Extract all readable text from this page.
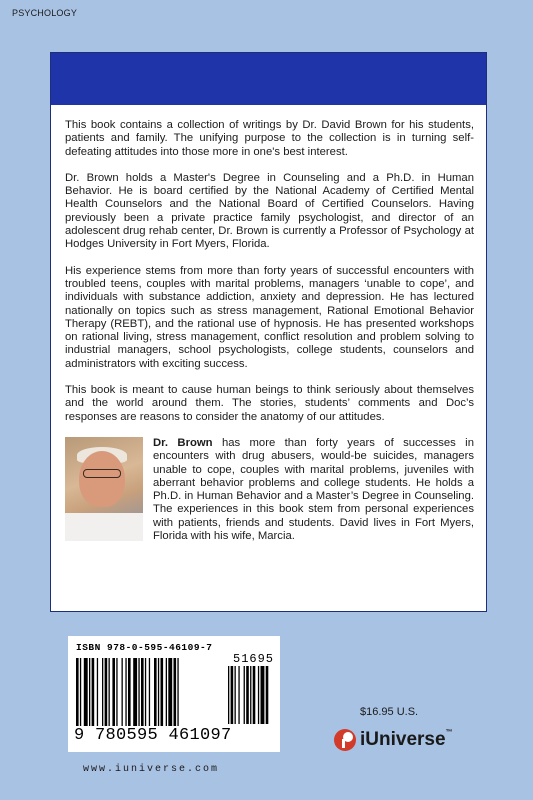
PSYCHOLOGY

This book contains a collection of writings by Dr. David Brown for his students, patients and family. The unifying purpose to the collection is in turning self-defeating attitudes into those more in one's best interest.

Dr. Brown holds a Master's Degree in Counseling and a Ph.D. in Human Behavior. He is board certified by the National Academy of Certified Mental Health Counselors and the National Board of Certified Counselors. Having previously been a private practice family psychologist, and director of an adolescent drug rehab center, Dr. Brown is currently a Professor of Psychology at Hodges University in Fort Myers, Florida.

His experience stems from more than forty years of successful encounters with troubled teens, couples with marital problems, managers ‘unable to cope’, and individuals with substance addiction, anxiety and depression. He has lectured nationally on topics such as stress management, Rational Emotional Behavior Therapy (REBT), and the rational use of hypnosis. He has presented workshops on rational living, stress management, conflict resolution and problem solving to industrial managers, school psychologists, college students, counselors and administrators with exciting success.

This book is meant to cause human beings to think seriously about themselves and the world around them. The stories, students’ comments and Doc’s responses are reasons to consider the anatomy of our attitudes.

Dr. Brown has more than forty years of successes in encounters with drug abusers, would-be suicides, managers unable to cope, couples with marital problems, juveniles with aberrant behavior problems and college students. He holds a Ph.D. in Human Behavior and a Master’s Degree in Counseling. The experiences in this book stem from personal experiences with patients, friends and students. David lives in Fort Myers, Florida with his wife, Marcia.
ISBN 978-0-595-46109-7
51695
9 780595 461097
$16.95 U.S.
iUniverse™
www.iuniverse.com
